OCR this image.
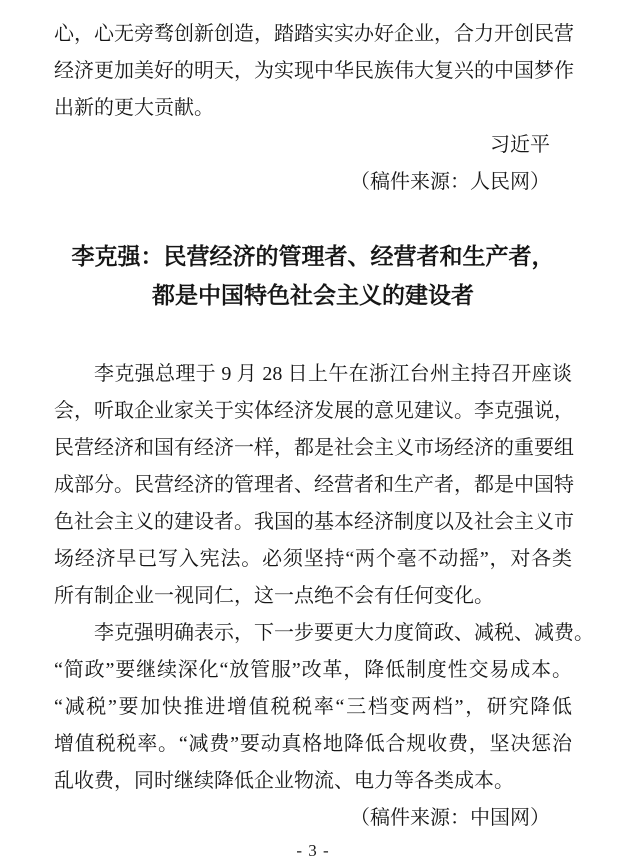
心，心无旁骛创新创造，踏踏实实办好企业，合力开创民营
经济更加美好的明天，为实现中华民族伟大复兴的中国梦作
出新的更大贡献。
习近平
（稿件来源：人民网）
李克强：民营经济的管理者、经营者和生产者，
都是中国特色社会主义的建设者
李克强总理于 9 月 28 日上午在浙江台州主持召开座谈
会，听取企业家关于实体经济发展的意见建议。李克强说，
民营经济和国有经济一样，都是社会主义市场经济的重要组
成部分。民营经济的管理者、经营者和生产者，都是中国特
色社会主义的建设者。我国的基本经济制度以及社会主义市
场经济早已写入宪法。必须坚持“两个毫不动摇”，对各类
所有制企业一视同仁，这一点绝不会有任何变化。
李克强明确表示，下一步要更大力度简政、减税、减费。
“简政”要继续深化“放管服”改革，降低制度性交易成本。
“减税”要加快推进增值税税率“三档变两档”，研究降低
增值税税率。“减费”要动真格地降低合规收费，坚决惩治
乱收费，同时继续降低企业物流、电力等各类成本。
（稿件来源：中国网）
- 3 -
